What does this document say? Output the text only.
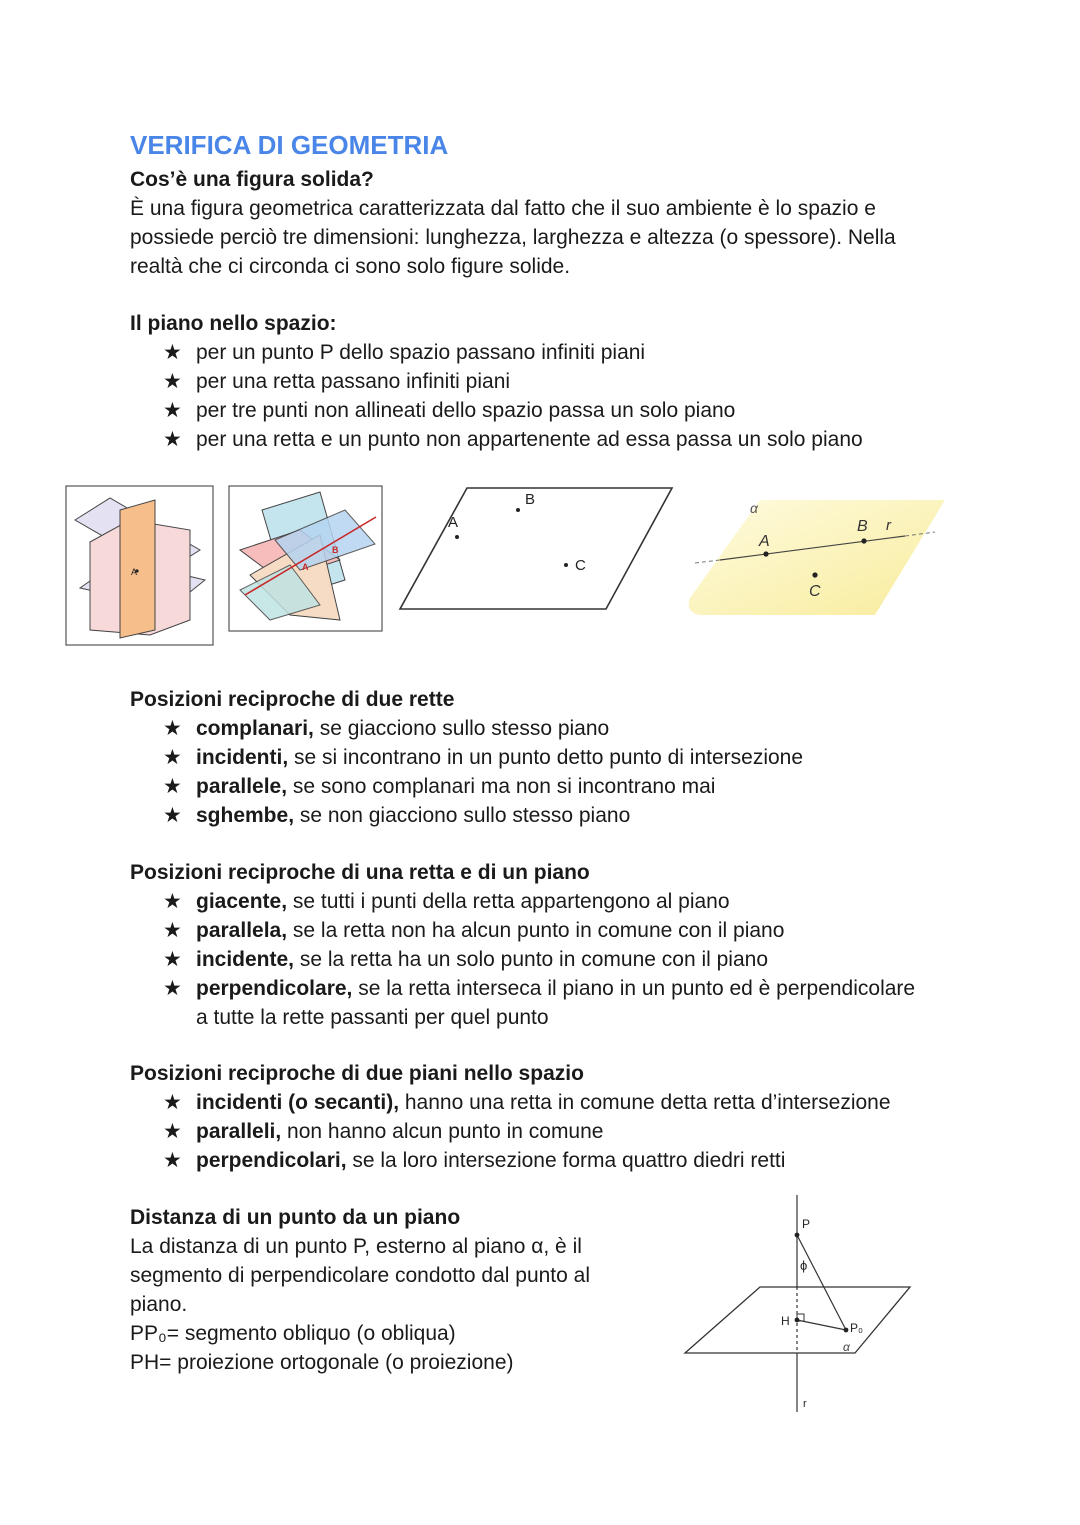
VERIFICA DI GEOMETRIA
Cos’è una figura solida?
È una figura geometrica caratterizzata dal fatto che il suo ambiente è lo spazio e
possiede perciò tre dimensioni: lunghezza, larghezza e altezza (o spessore). Nella
realtà che ci circonda ci sono solo figure solide.
Il piano nello spazio:
★ per un punto P dello spazio passano infiniti piani
★ per una retta passano infiniti piani
★ per tre punti non allineati dello spazio passa un solo piano
★ per una retta e un punto non appartenente ad essa passa un solo piano
A	A
B
A
B
C
α
A
B r
C
Posizioni reciproche di due rette
★ complanari, se giacciono sullo stesso piano
★ incidenti, se si incontrano in un punto detto punto di intersezione
★ parallele, se sono complanari ma non si incontrano mai
★ sghembe, se non giacciono sullo stesso piano
Posizioni reciproche di una retta e di un piano
★ giacente, se tutti i punti della retta appartengono al piano
★ parallela, se la retta non ha alcun punto in comune con il piano
★ incidente, se la retta ha un solo punto in comune con il piano
★ perpendicolare, se la retta interseca il piano in un punto ed è perpendicolare
a tutte la rette passanti per quel punto
Posizioni reciproche di due piani nello spazio
★ incidenti (o secanti), hanno una retta in comune detta retta d’intersezione
★ paralleli, non hanno alcun punto in comune
★ perpendicolari, se la loro intersezione forma quattro diedri retti
Distanza di un punto da un piano
La distanza di un punto P, esterno al piano α, è il
segmento di perpendicolare condotto dal punto al
piano.
PP₀= segmento obliquo (o obliqua)
PH= proiezione ortogonale (o proiezione)
P
ϕ
H	P₀
α
r
